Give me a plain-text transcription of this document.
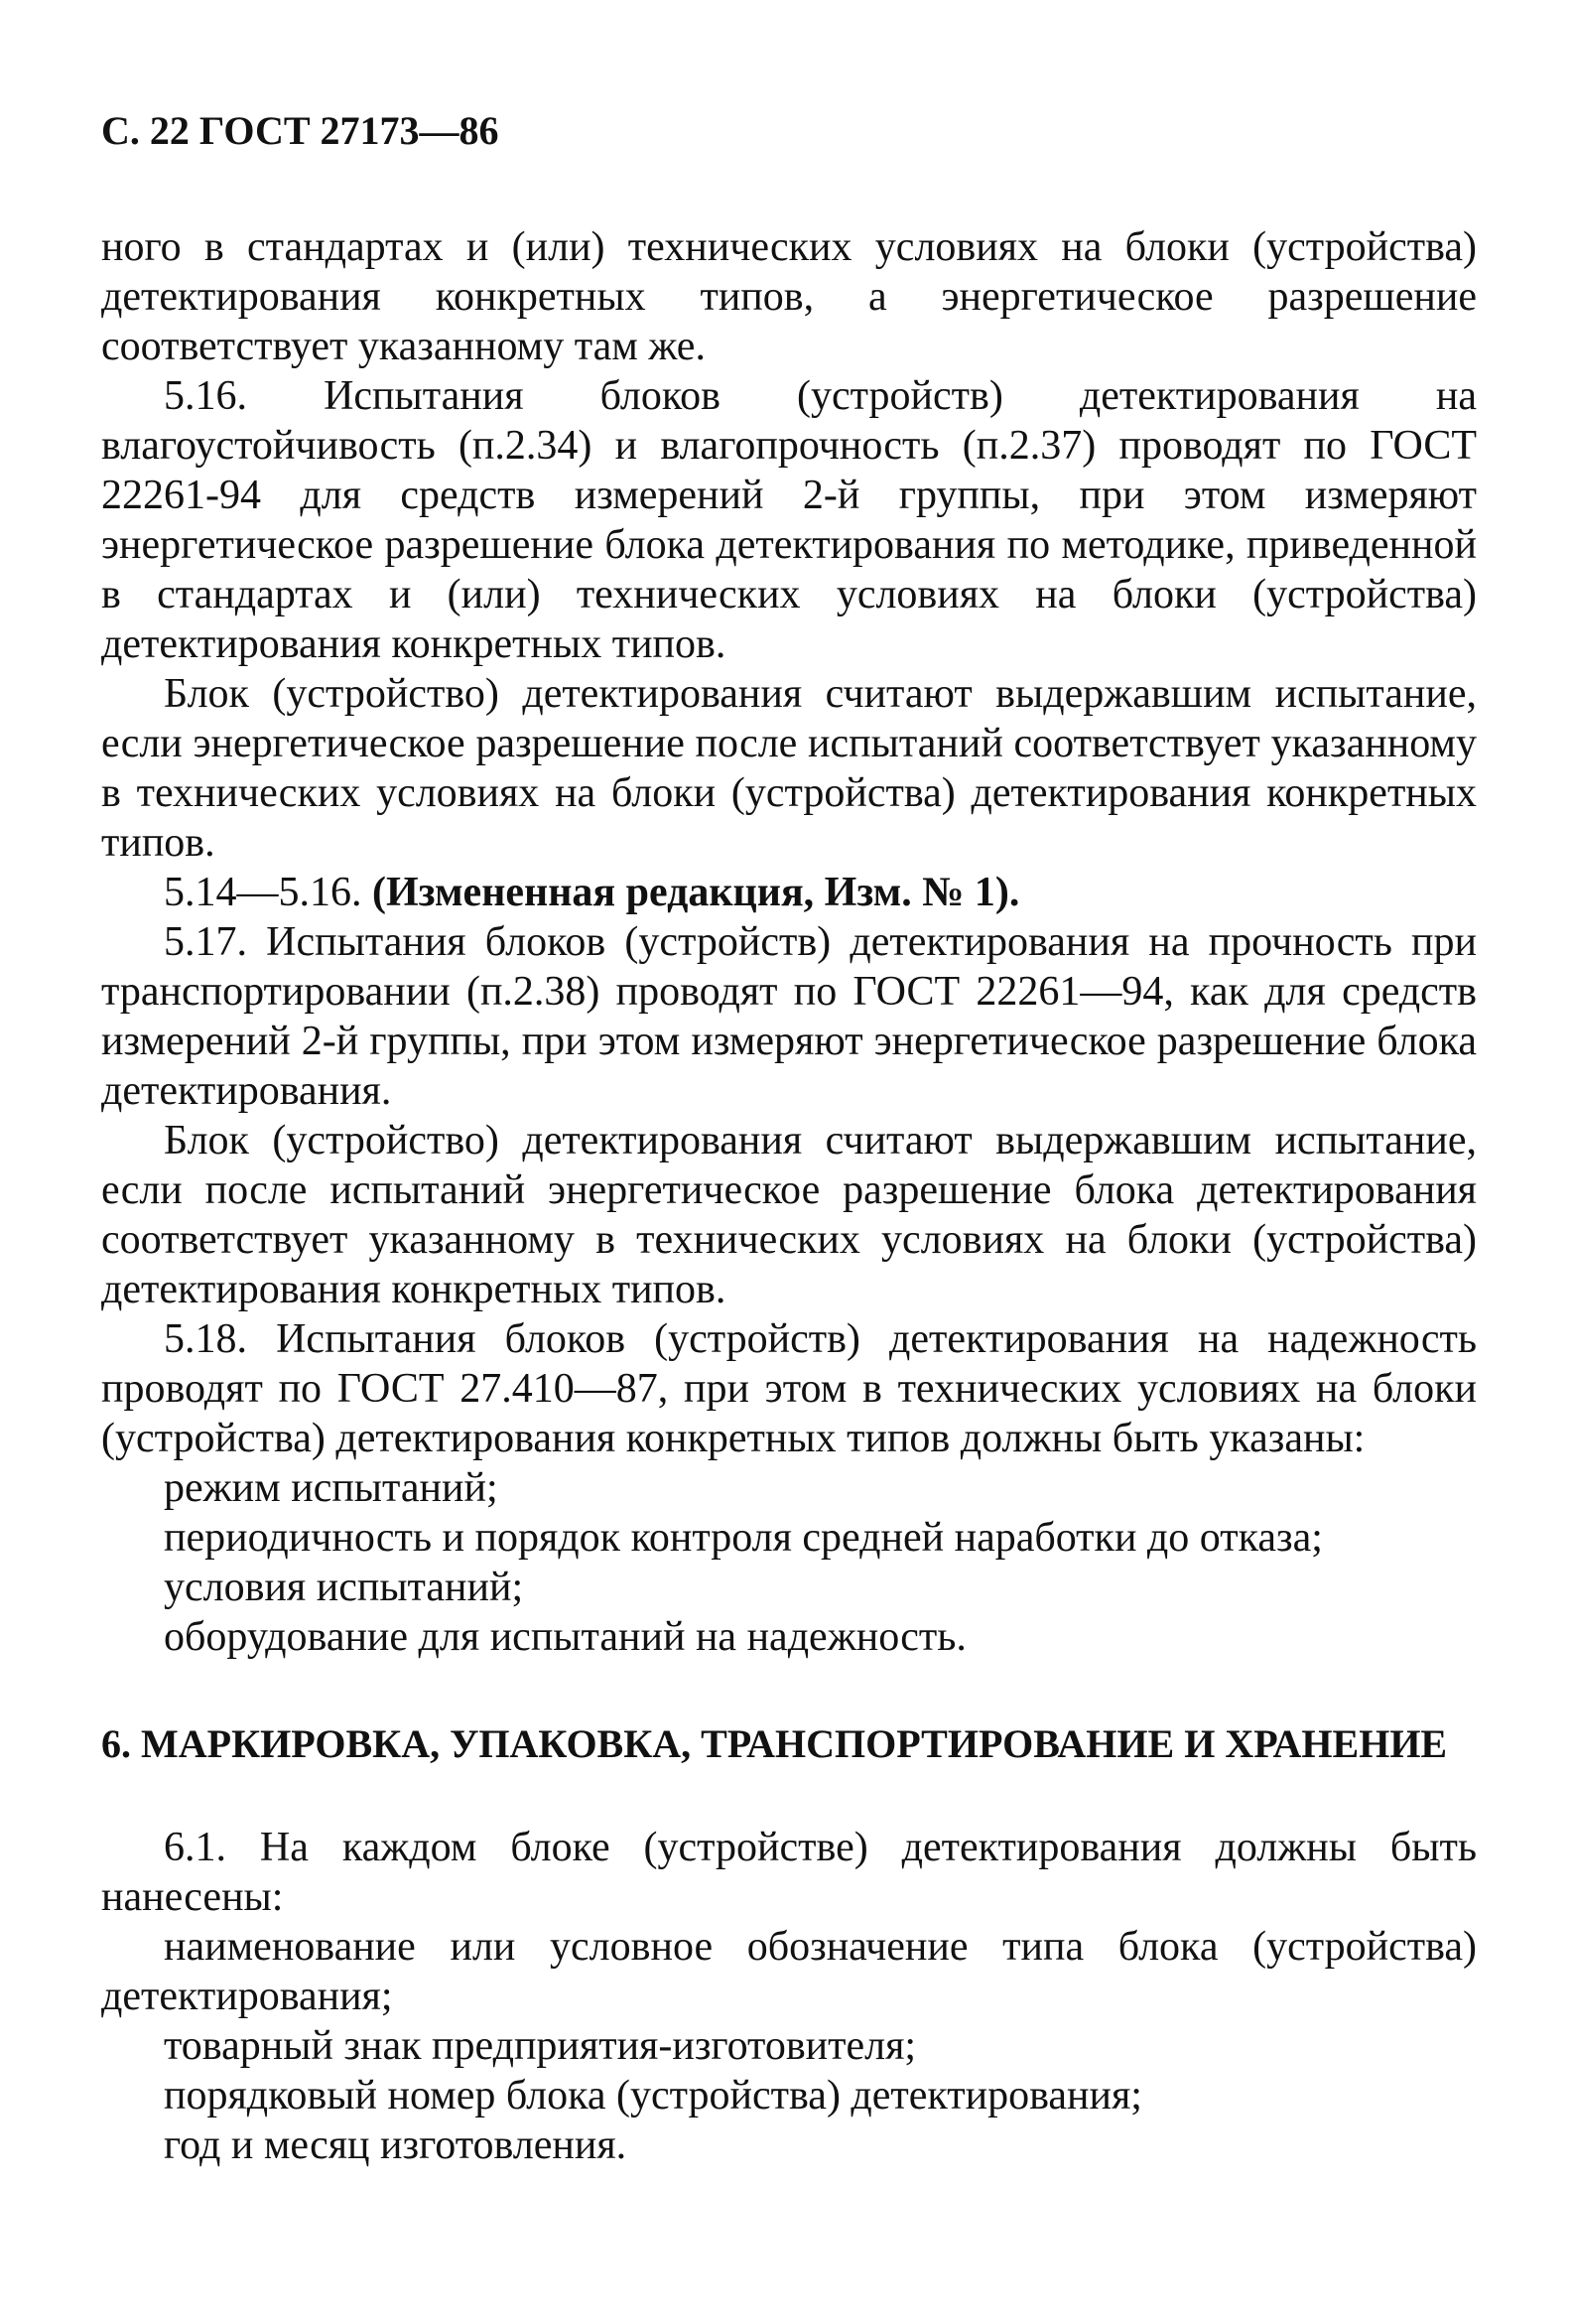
С. 22 ГОСТ 27173—86

ного в стандартах и (или) технических условиях на блоки (устройства) детектирования конкретных типов, а энергетическое разрешение соответствует указанному там же.

5.16. Испытания блоков (устройств) детектирования на влагоустойчивость (п.2.34) и влагопрочность (п.2.37) проводят по ГОСТ 22261-94 для средств измерений 2-й группы, при этом измеряют энергетическое разрешение блока детектирования по методике, приведенной в стандартах и (или) технических условиях на блоки (устройства) детектирования конкретных типов.

Блок (устройство) детектирования считают выдержавшим испытание, если энергетическое разрешение после испытаний соответствует указанному в технических условиях на блоки (устройства) детектирования конкретных типов.

5.14—5.16. (Измененная редакция, Изм. № 1).

5.17. Испытания блоков (устройств) детектирования на прочность при транспортировании (п.2.38) проводят по ГОСТ 22261—94, как для средств измерений 2-й группы, при этом измеряют энергетическое разрешение блока детектирования.

Блок (устройство) детектирования считают выдержавшим испытание, если после испытаний энергетическое разрешение блока детектирования соответствует указанному в технических условиях на блоки (устройства) детектирования конкретных типов.

5.18. Испытания блоков (устройств) детектирования на надежность проводят по ГОСТ 27.410—87, при этом в технических условиях на блоки (устройства) детектирования конкретных типов должны быть указаны:

режим испытаний;

периодичность и порядок контроля средней наработки до отказа;

условия испытаний;

оборудование для испытаний на надежность.

6. МАРКИРОВКА, УПАКОВКА, ТРАНСПОРТИРОВАНИЕ И ХРАНЕНИЕ

6.1. На каждом блоке (устройстве) детектирования должны быть нанесены:

наименование или условное обозначение типа блока (устройства) детектирования;

товарный знак предприятия-изготовителя;

порядковый номер блока (устройства) детектирования;

год и месяц изготовления.
